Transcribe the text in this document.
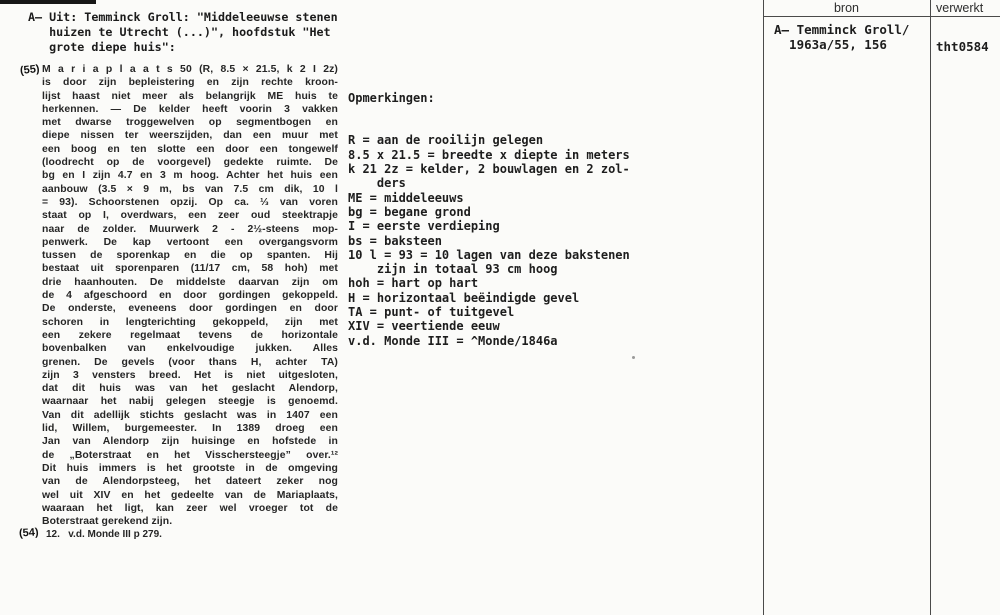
A— Uit: Temminck Groll: "Middeleeuwse stenen
huizen te Utrecht (...)", hoofdstuk "Het
grote diepe huis":
(55) M a r i a p l a a t s 50 (R, 8.5 × 21.5, k 2 I 2z)
is door zijn bepleistering en zijn rechte kroon-
lijst haast niet meer als belangrijk ME huis te
herkennen. — De kelder heeft voorin 3 vakken
met dwarse troggewelven op segmentbogen en
diepe nissen ter weerszijden, dan een muur met
een boog en ten slotte een door een tongewelf
(loodrecht op de voorgevel) gedekte ruimte. De
bg en I zijn 4.7 en 3 m hoog. Achter het huis een
aanbouw (3.5 × 9 m, bs van 7.5 cm dik, 10 l
= 93). Schoorstenen opzij. Op ca. ⅓ van voren
staat op I, overdwars, een zeer oud steektrapje
naar de zolder. Muurwerk 2 - 2½-steens mop-
penwerk. De kap vertoont een overgangsvorm
tussen de sporenkap en die op spanten. Hij
bestaat uit sporenparen (11/17 cm, 58 hoh) met
drie haanhouten. De middelste daarvan zijn om
de 4 afgeschoord en door gordingen gekoppeld.
De onderste, eveneens door gordingen en door
schoren in lengterichting gekoppeld, zijn met
een zekere regelmaat tevens de horizontale
bovenbalken van enkelvoudige jukken. Alles
grenen. De gevels (voor thans H, achter TA)
zijn 3 vensters breed. Het is niet uitgesloten,
dat dit huis was van het geslacht Alendorp,
waarnaar het nabij gelegen steegje is genoemd.
Van dit adellijk stichts geslacht was in 1407 een
lid, Willem, burgemeester. In 1389 droeg een
Jan van Alendorp zijn huisinge en hofstede in
de „Boterstraat en het Visschersteegje” over.¹²
Dit huis immers is het grootste in de omgeving
van de Alendorpsteeg, het dateert zeker nog
wel uit XIV en het gedeelte van de Mariaplaats,
waaraan het ligt, kan zeer wel vroeger tot de
Boterstraat gerekend zijn.
(54) 12.   v.d. Monde III p 279.

Opmerkingen:

R = aan de rooilijn gelegen
8.5 x 21.5 = breedte x diepte in meters
k 21 2z = kelder, 2 bouwlagen en 2 zol-
ders
ME = middeleeuws
bg = begane grond
I = eerste verdieping
bs = baksteen
10 l = 93 = 10 lagen van deze bakstenen
zijn in totaal 93 cm hoog
hoh = hart op hart
H = horizontaal beëindigde gevel
TA = punt- of tuitgevel
XIV = veertiende eeuw
v.d. Monde III = ^Monde/1846a

bron	verwerkt
A— Temminck Groll/
1963a/55, 156	tht0584
